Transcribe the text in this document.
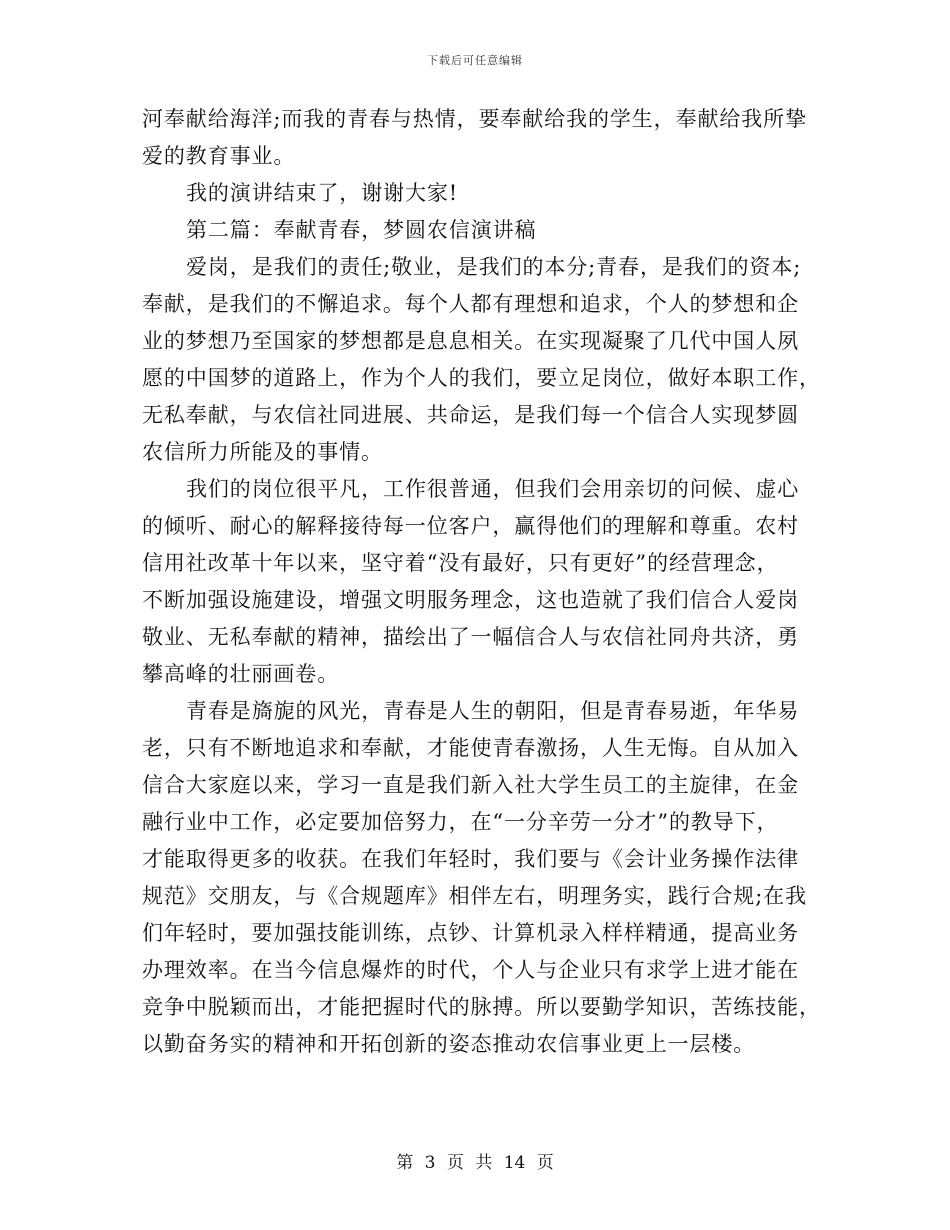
下载后可任意编辑
河奉献给海洋;而我的青春与热情，要奉献给我的学生，奉献给我所挚
爱的教育事业。
我的演讲结束了，谢谢大家!
第二篇：奉献青春，梦圆农信演讲稿
爱岗，是我们的责任;敬业，是我们的本分;青春，是我们的资本;
奉献，是我们的不懈追求。每个人都有理想和追求，个人的梦想和企
业的梦想乃至国家的梦想都是息息相关。在实现凝聚了几代中国人夙
愿的中国梦的道路上，作为个人的我们，要立足岗位，做好本职工作，
无私奉献，与农信社同进展、共命运，是我们每一个信合人实现梦圆
农信所力所能及的事情。
我们的岗位很平凡，工作很普通，但我们会用亲切的问候、虚心
的倾听、耐心的解释接待每一位客户，赢得他们的理解和尊重。农村
信用社改革十年以来，坚守着“没有最好，只有更好”的经营理念，
不断加强设施建设，增强文明服务理念，这也造就了我们信合人爱岗
敬业、无私奉献的精神，描绘出了一幅信合人与农信社同舟共济，勇
攀高峰的壮丽画卷。
青春是旖旎的风光，青春是人生的朝阳，但是青春易逝，年华易
老，只有不断地追求和奉献，才能使青春激扬，人生无悔。自从加入
信合大家庭以来，学习一直是我们新入社大学生员工的主旋律，在金
融行业中工作，必定要加倍努力，在“一分辛劳一分才”的教导下，
才能取得更多的收获。在我们年轻时，我们要与《会计业务操作法律
规范》交朋友，与《合规题库》相伴左右，明理务实，践行合规;在我
们年轻时，要加强技能训练，点钞、计算机录入样样精通，提高业务
办理效率。在当今信息爆炸的时代，个人与企业只有求学上进才能在
竞争中脱颖而出，才能把握时代的脉搏。所以要勤学知识，苦练技能，
以勤奋务实的精神和开拓创新的姿态推动农信事业更上一层楼。
第 3 页 共 14 页
